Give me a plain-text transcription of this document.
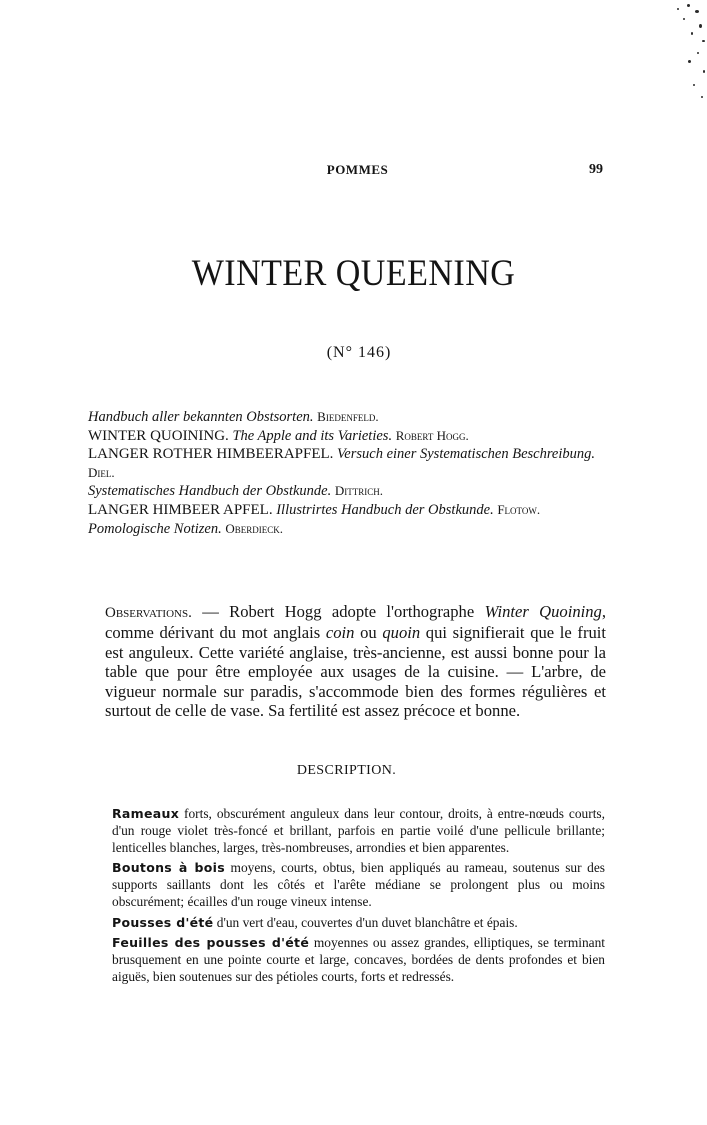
POMMES	99
WINTER QUEENING
(N° 146)

Handbuch aller bekannten Obstsorten. Biedenfeld.

WINTER QUOINING. The Apple and its Varieties. Robert Hogg.

LANGER ROTHER HIMBEERAPFEL. Versuch einer Systematischen Beschreibung. Diel.

Systematisches Handbuch der Obstkunde. Dittrich.

LANGER HIMBEER APFEL. Illustrirtes Handbuch der Obstkunde. Flotow.

Pomologische Notizen. Oberdieck.

Observations. — Robert Hogg adopte l'orthographe Winter Quoining, comme dérivant du mot anglais coin ou quoin qui signifierait que le fruit est anguleux. Cette variété anglaise, très-ancienne, est aussi bonne pour la table que pour être employée aux usages de la cuisine. — L'arbre, de vigueur normale sur paradis, s'accommode bien des formes régulières et surtout de celle de vase. Sa fertilité est assez précoce et bonne.

DESCRIPTION.

Rameaux forts, obscurément anguleux dans leur contour, droits, à entre-nœuds courts, d'un rouge violet très-foncé et brillant, parfois en partie voilé d'une pellicule brillante; lenticelles blanches, larges, très-nombreuses, arrondies et bien apparentes.

Boutons à bois moyens, courts, obtus, bien appliqués au rameau, soutenus sur des supports saillants dont les côtés et l'arête médiane se prolongent plus ou moins obscurément; écailles d'un rouge vineux intense.

Pousses d'été d'un vert d'eau, couvertes d'un duvet blanchâtre et épais.

Feuilles des pousses d'été moyennes ou assez grandes, elliptiques, se terminant brusquement en une pointe courte et large, concaves, bordées de dents profondes et bien aiguës, bien soutenues sur des pétioles courts, forts et redressés.
